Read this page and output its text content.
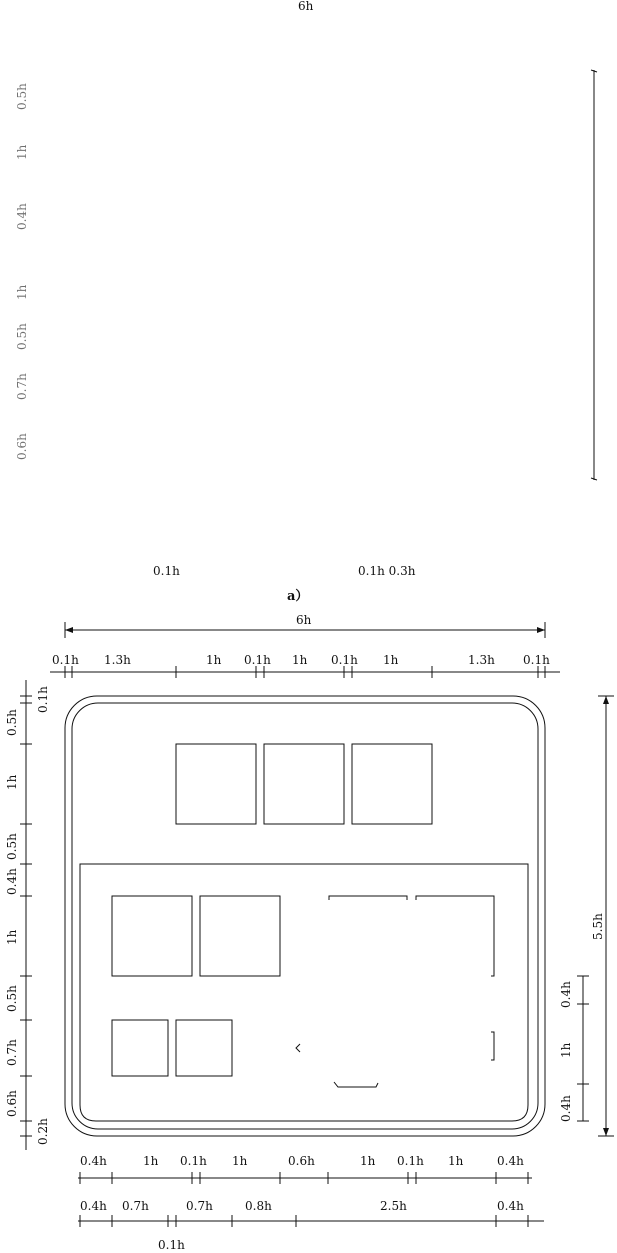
6h
0.5h
1h
0.4h
1h
0.5h
0.7h
0.6h
0.1h	0.1h 0.3h
a）
6h
0.1h 1.3h	1h 0.1h 1h 0.1h 1h	1.3h 0.1h
0.1h
0.5h
1h
0.5h
0.4h
1h
0.5h
0.7h
0.6h
0.2h
5.5h
0.4h
1h
0.4h
0.4h	1h 0.1h 1h	0.6h	1h 0.1h 1h	0.4h
0.4h 0.7h	0.7h	0.8h	2.5h	0.4h
0.1h
